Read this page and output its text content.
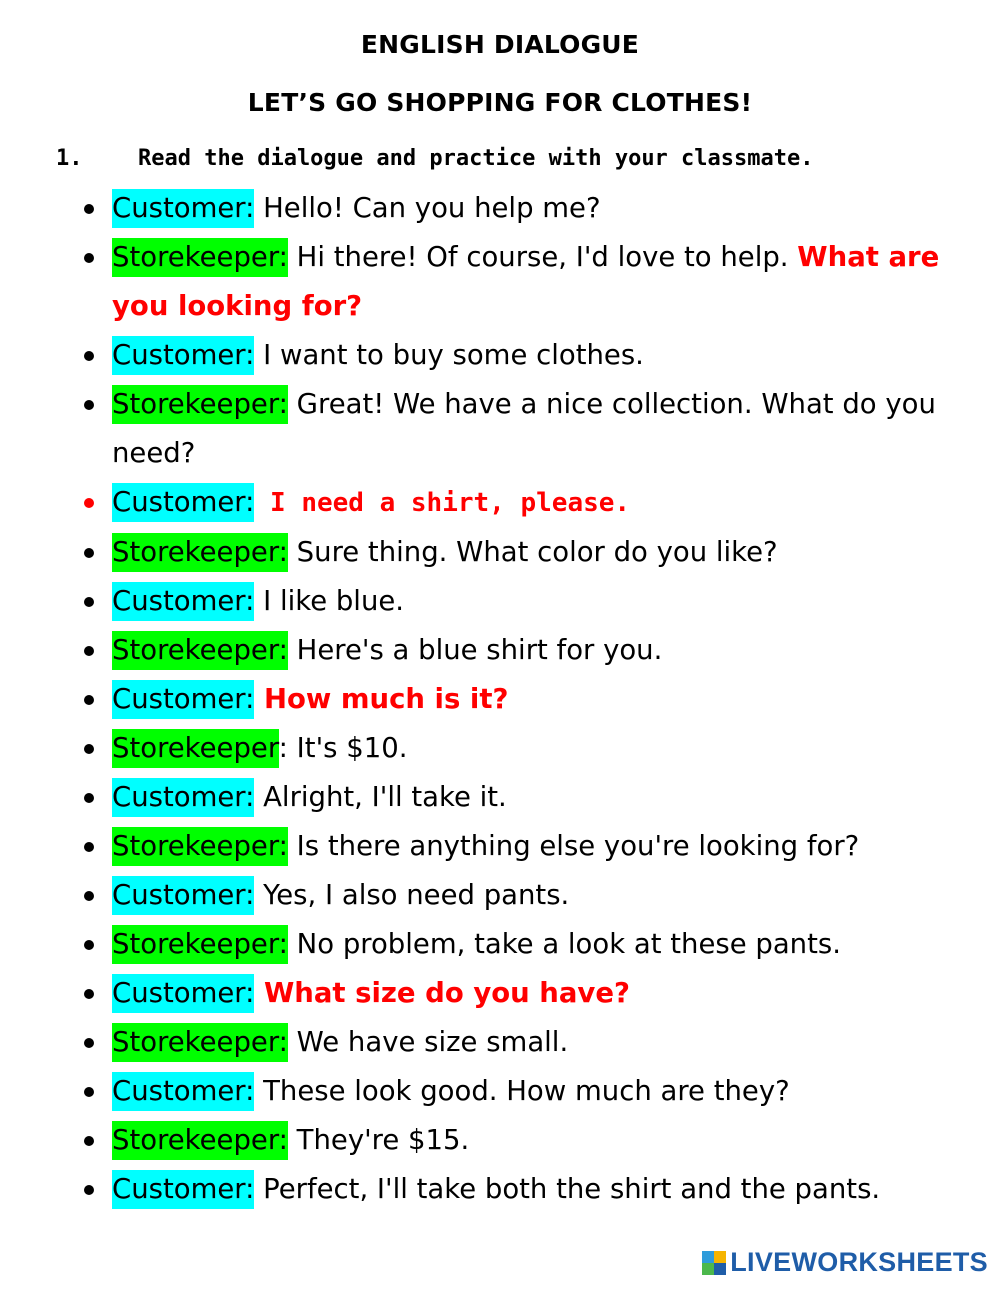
ENGLISH DIALOGUE
LET’S GO SHOPPING FOR CLOTHES!
1.	Read the dialogue and practice with your classmate.
Customer: Hello! Can you help me?
Storekeeper: Hi there! Of course, I'd love to help. What are you looking for?
Customer: I want to buy some clothes.
Storekeeper: Great! We have a nice collection. What do you need?
Customer: I need a shirt, please.
Storekeeper: Sure thing. What color do you like?
Customer: I like blue.
Storekeeper: Here's a blue shirt for you.
Customer: How much is it?
Storekeeper: It's $10.
Customer: Alright, I'll take it.
Storekeeper: Is there anything else you're looking for?
Customer: Yes, I also need pants.
Storekeeper: No problem, take a look at these pants.
Customer: What size do you have?
Storekeeper: We have size small.
Customer: These look good. How much are they?
Storekeeper: They're $15.
Customer: Perfect, I'll take both the shirt and the pants.
LIVEWORKSHEETS
